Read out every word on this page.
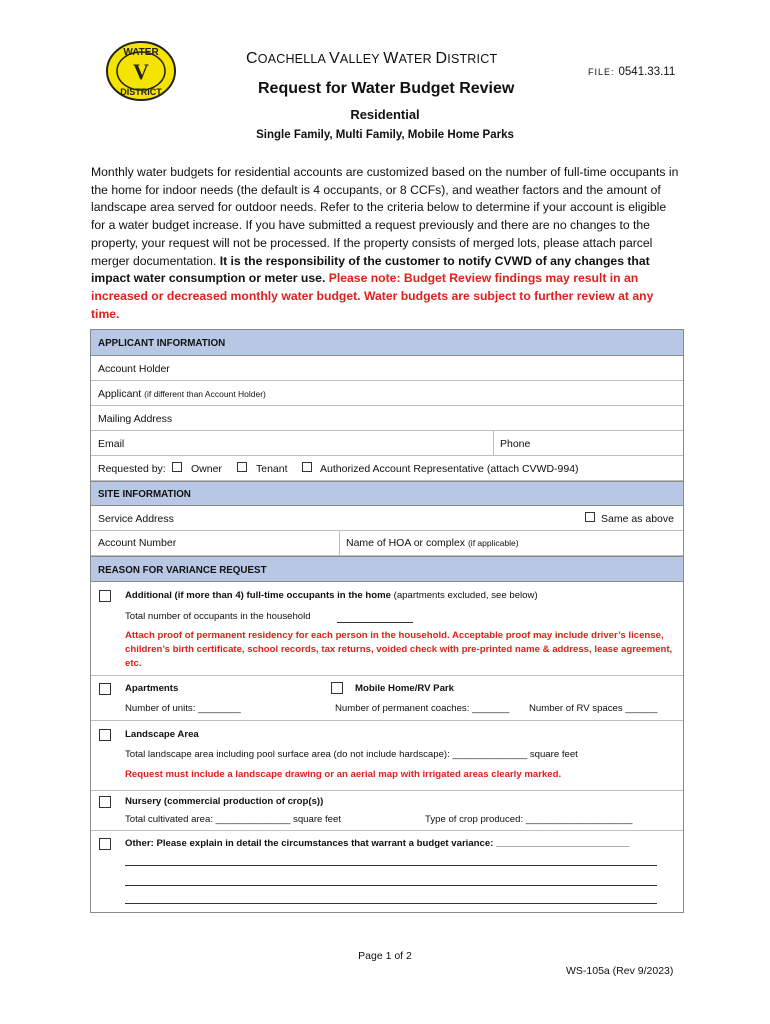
WATER
V
DISTRICT
COACHELLA VALLEY WATER DISTRICT
FILE: 0541.33.11
Request for Water Budget Review
Residential
Single Family, Multi Family, Mobile Home Parks
Monthly water budgets for residential accounts are customized based on the number of full-time occupants in the home for indoor needs (the default is 4 occupants, or 8 CCFs), and weather factors and the amount of landscape area served for outdoor needs. Refer to the criteria below to determine if your account is eligible for a water budget increase. If you have submitted a request previously and there are no changes to the property, your request will not be processed. If the property consists of merged lots, please attach parcel merger documentation. It is the responsibility of the customer to notify CVWD of any changes that impact water consumption or meter use. Please note: Budget Review findings may result in an increased or decreased monthly water budget. Water budgets are subject to further review at any time.
APPLICANT INFORMATION
Account Holder
Applicant (if different than Account Holder)
Mailing Address
Email	Phone
Requested by: Owner	Tenant	Authorized Account Representative (attach CVWD-994)
SITE INFORMATION
Service Address	Same as above
Account Number	Name of HOA or complex (if applicable)
REASON FOR VARIANCE REQUEST
Additional (if more than 4) full-time occupants in the home (apartments excluded, see below)
Total number of occupants in the household
Attach proof of permanent residency for each person in the household. Acceptable proof may include driver’s license, children’s birth certificate, school records, tax returns, voided check with pre-printed name & address, lease agreement, etc.
Apartments
Number of units: ________
Mobile Home/RV Park
Number of permanent coaches: _______ Number of RV spaces ______
Landscape Area
Total landscape area including pool surface area (do not include hardscape): ______________ square feet
Request must include a landscape drawing or an aerial map with irrigated areas clearly marked.
Nursery (commercial production of crop(s))
Total cultivated area: ______________ square feet	Type of crop produced: ____________________
Other: Please explain in detail the circumstances that warrant a budget variance: _________________________
Page 1 of 2
WS-105a (Rev 9/2023)
